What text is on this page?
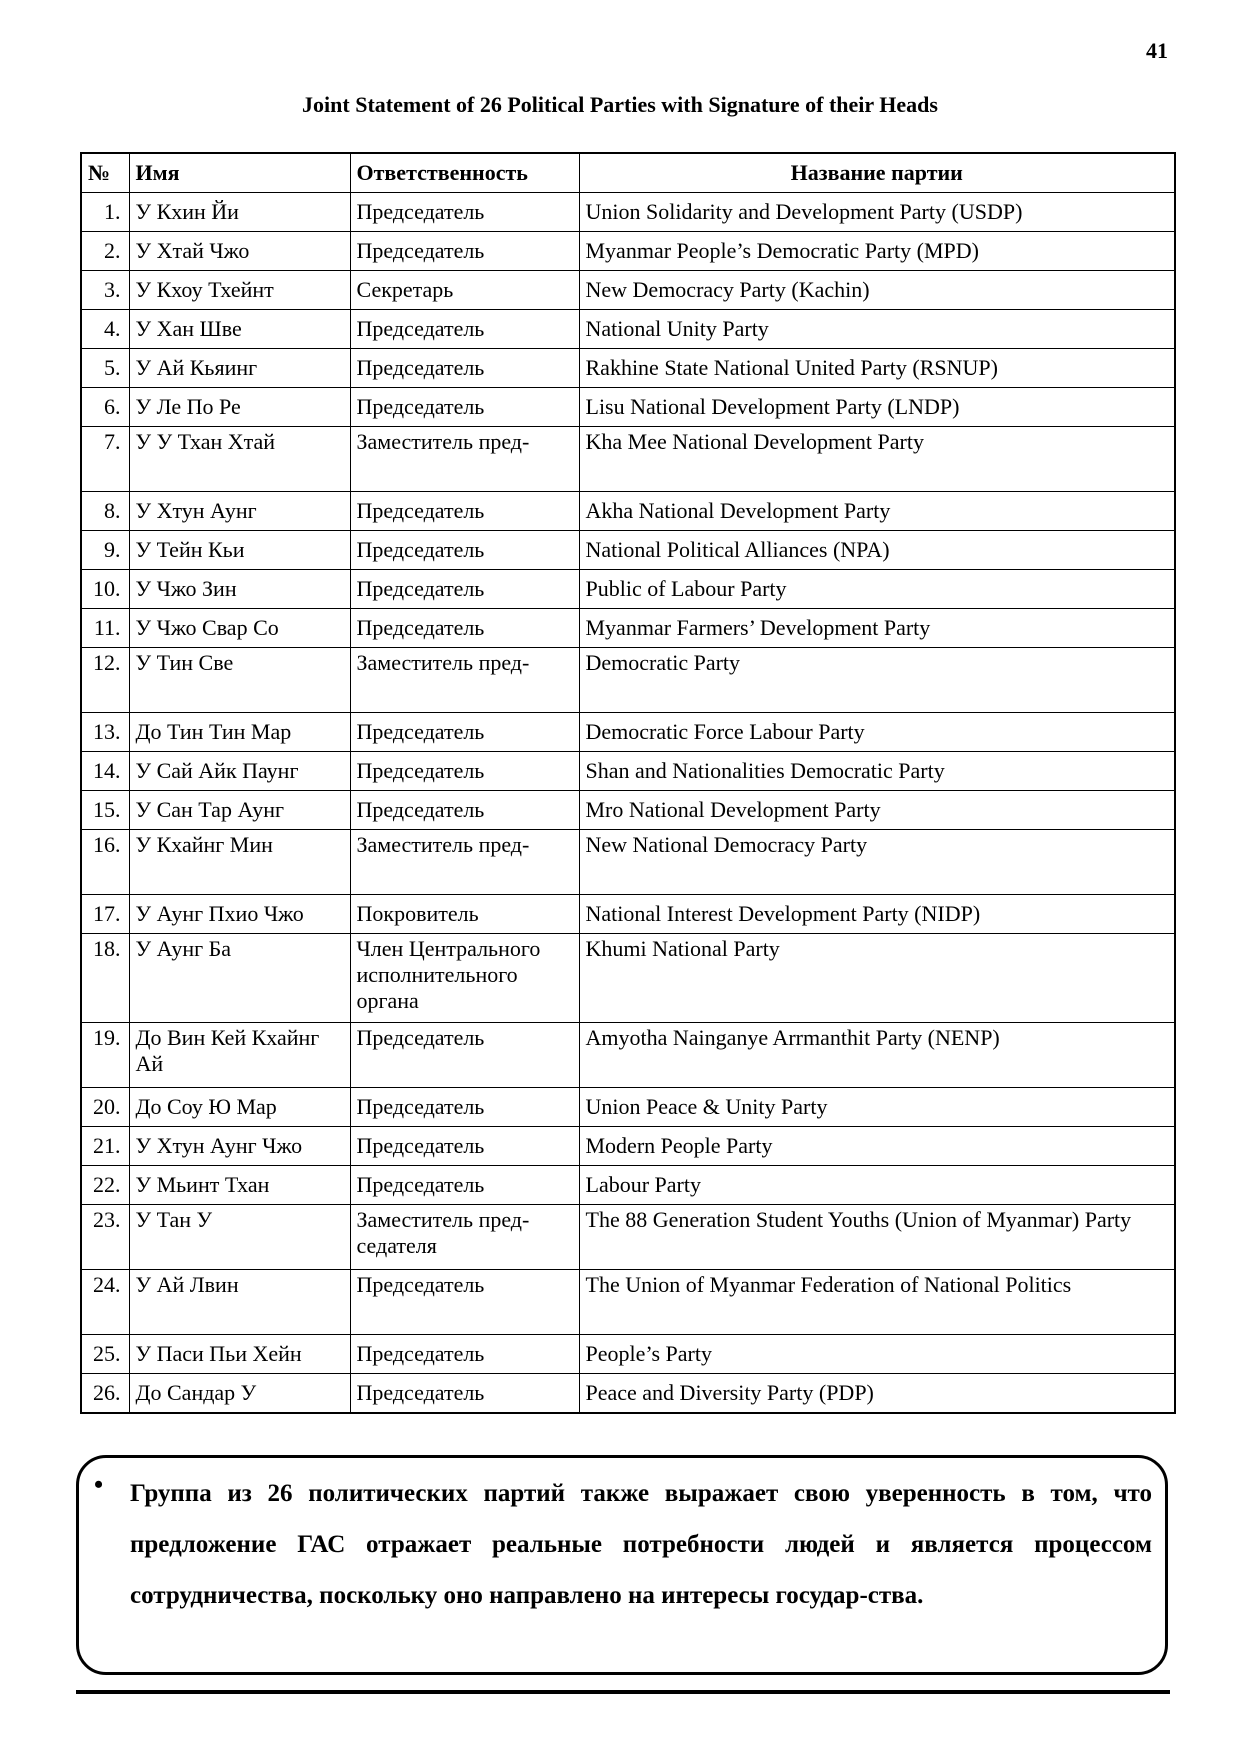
41
Joint Statement of 26 Political Parties with Signature of their Heads
№	Имя	Ответственность	Название партии
1.	У Кхин Йи	Председатель	Union Solidarity and Development Party (USDP)
2.	У Хтай Чжо	Председатель	Myanmar People’s Democratic Party (MPD)
3.	У Кхоу Тхейнт	Секретарь	New Democracy Party (Kachin)
4.	У Хан Шве	Председатель	National Unity Party
5.	У Ай Кьяинг	Председатель	Rakhine State National United Party (RSNUP)
6.	У Ле По Ре	Председатель	Lisu National Development Party (LNDP)
7.	У У Тхан Хтай	Заместитель пред-	Kha Mee National Development Party
8.	У Хтун Аунг	Председатель	Akha National Development Party
9.	У Тейн Кьи	Председатель	National Political Alliances (NPA)
10.	У Чжо Зин	Председатель	Public of Labour Party
11.	У Чжо Свар Со	Председатель	Myanmar Farmers’ Development Party
12.	У Тин Све	Заместитель пред-	Democratic Party
13.	До Тин Тин Мар	Председатель	Democratic Force Labour Party
14.	У Сай Айк Паунг	Председатель	Shan and Nationalities Democratic Party
15.	У Сан Тар Аунг	Председатель	Mro National Development Party
16.	У Кхайнг Мин	Заместитель пред-	New National Democracy Party
17.	У Аунг Пхио Чжо	Покровитель	National Interest Development Party (NIDP)
18.	У Аунг Ба	Член Центрального исполнительного органа	Khumi National Party
19.	До Вин Кей Кхайнг Ай	Председатель	Amyotha Nainganye Arrmanthit Party (NENP)
20.	До Соу Ю Мар	Председатель	Union Peace & Unity Party
21.	У Хтун Аунг Чжо	Председатель	Modern People Party
22.	У Мьинт Тхан	Председатель	Labour Party
23.	У Тан У	Заместитель пред-седателя	The 88 Generation Student Youths (Union of Myanmar) Party
24.	У Ай Лвин	Председатель	The Union of Myanmar Federation of National Politics
25.	У Паси Пьи Хейн	Председатель	People’s Party
26.	До Сандар У	Председатель	Peace and Diversity Party (PDP)
• Группа из 26 политических партий также выражает свою уверенность в том, что предложение ГАС отражает реальные потребности людей и является процессом сотрудничества, поскольку оно направлено на интересы государ-ства.
